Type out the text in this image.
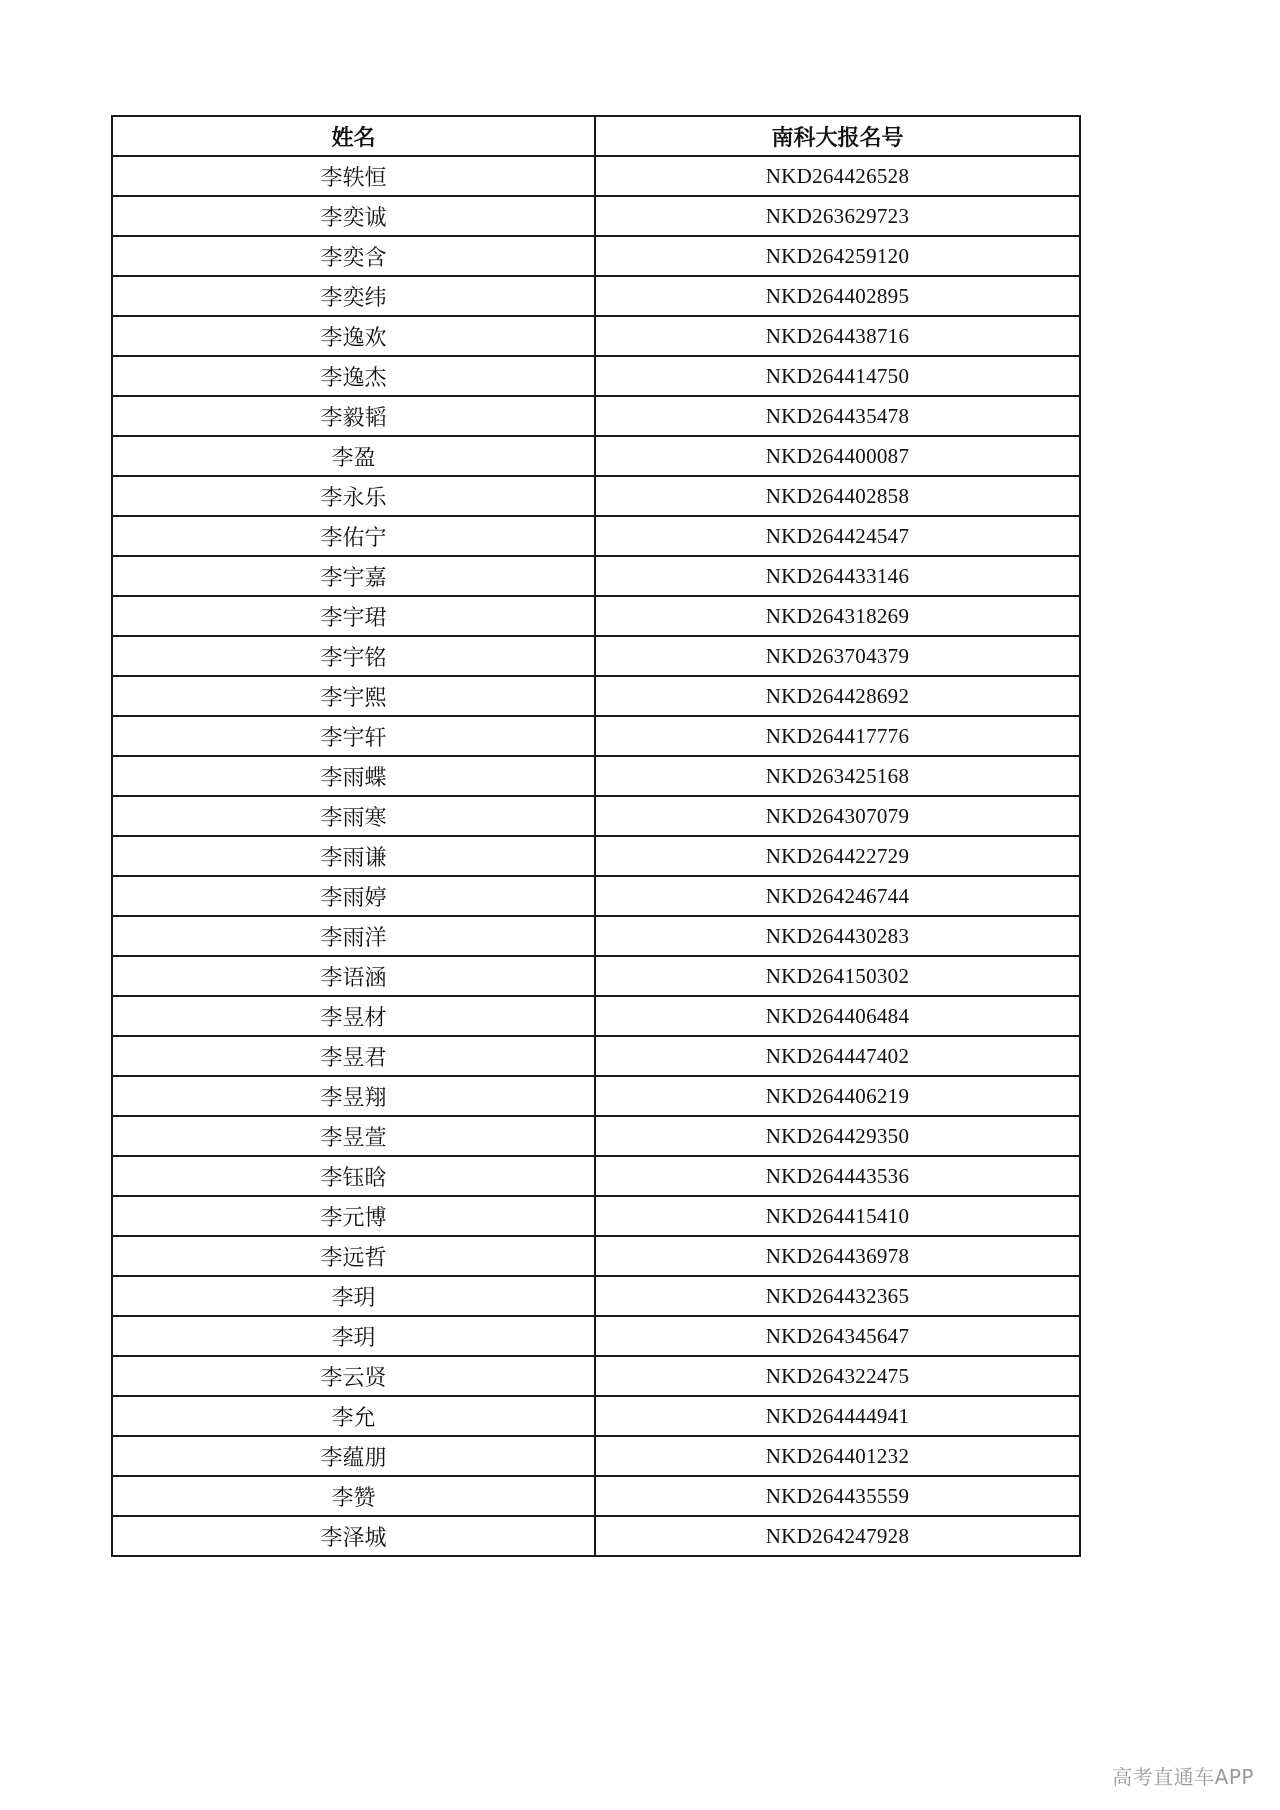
姓名	南科大报名号
李轶恒	NKD264426528
李奕诚	NKD263629723
李奕含	NKD264259120
李奕纬	NKD264402895
李逸欢	NKD264438716
李逸杰	NKD264414750
李毅韬	NKD264435478
李盈	NKD264400087
李永乐	NKD264402858
李佑宁	NKD264424547
李宇嘉	NKD264433146
李宇珺	NKD264318269
李宇铭	NKD263704379
李宇熙	NKD264428692
李宇轩	NKD264417776
李雨蝶	NKD263425168
李雨寒	NKD264307079
李雨谦	NKD264422729
李雨婷	NKD264246744
李雨洋	NKD264430283
李语涵	NKD264150302
李昱材	NKD264406484
李昱君	NKD264447402
李昱翔	NKD264406219
李昱萱	NKD264429350
李钰晗	NKD264443536
李元博	NKD264415410
李远哲	NKD264436978
李玥	NKD264432365
李玥	NKD264345647
李云贤	NKD264322475
李允	NKD264444941
李蕴朋	NKD264401232
李赞	NKD264435559
李泽城	NKD264247928
高考直通车APP
